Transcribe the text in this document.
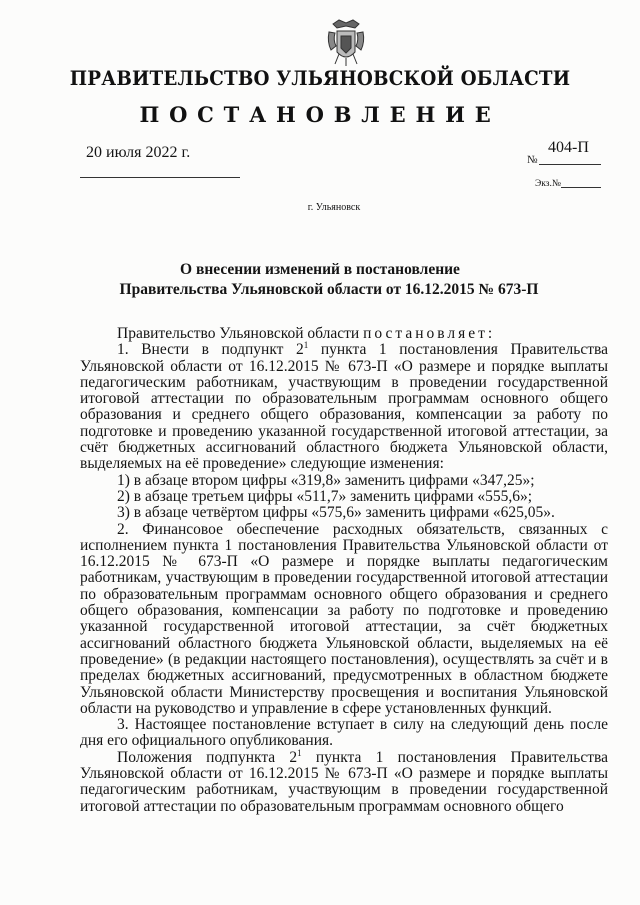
ПРАВИТЕЛЬСТВО УЛЬЯНОВСКОЙ ОБЛАСТИ
ПОСТАНОВЛЕНИЕ
20 июля 2022 г.	404-П
№
Экз.№
г. Ульяновск
О внесении изменений в постановление
Правительства Ульяновской области от 16.12.2015 № 673-П
Правительство Ульяновской области постановляет:
1. Внести в подпункт $2^1$ пункта 1 постановления Правительства Ульяновской области от 16.12.2015 № 673-П «О размере и порядке выплаты педагогическим работникам, участвующим в проведении государственной итоговой аттестации по образовательным программам основного общего образования и среднего общего образования, компенсации за работу по подготовке и проведению указанной государственной итоговой аттестации, за счёт бюджетных ассигнований областного бюджета Ульяновской области, выделяемых на её проведение» следующие изменения:
1) в абзаце втором цифры «319,8» заменить цифрами «347,25»;
2) в абзаце третьем цифры «511,7» заменить цифрами «555,6»;
3) в абзаце четвёртом цифры «575,6» заменить цифрами «625,05».
2. Финансовое обеспечение расходных обязательств, связанных с исполнением пункта 1 постановления Правительства Ульяновской области от 16.12.2015 № 673-П «О размере и порядке выплаты педагогическим работникам, участвующим в проведении государственной итоговой аттестации по образовательным программам основного общего образования и среднего общего образования, компенсации за работу по подготовке и проведению указанной государственной итоговой аттестации, за счёт бюджетных ассигнований областного бюджета Ульяновской области, выделяемых на её проведение» (в редакции настоящего постановления), осуществлять за счёт и в пределах бюджетных ассигнований, предусмотренных в областном бюджете Ульяновской области Министерству просвещения и воспитания Ульяновской области на руководство и управление в сфере установленных функций.
3. Настоящее постановление вступает в силу на следующий день после дня его официального опубликования.
Положения подпункта $2^1$ пункта 1 постановления Правительства Ульяновской области от 16.12.2015 № 673-П «О размере и порядке выплаты педагогическим работникам, участвующим в проведении государственной итоговой аттестации по образовательным программам основного общего
